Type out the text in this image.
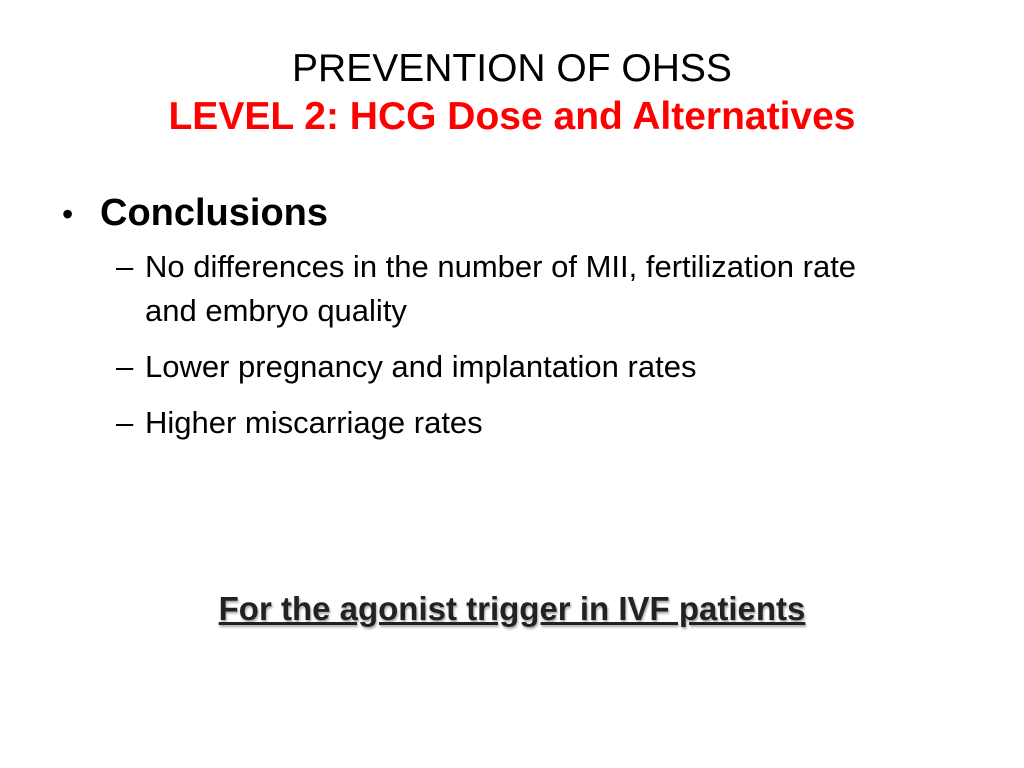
PREVENTION OF OHSS
LEVEL 2: HCG Dose and Alternatives
• Conclusions
– No differences in the number of MII, fertilization rate and embryo quality
– Lower pregnancy and implantation rates
– Higher miscarriage rates
For the agonist trigger in IVF patients
